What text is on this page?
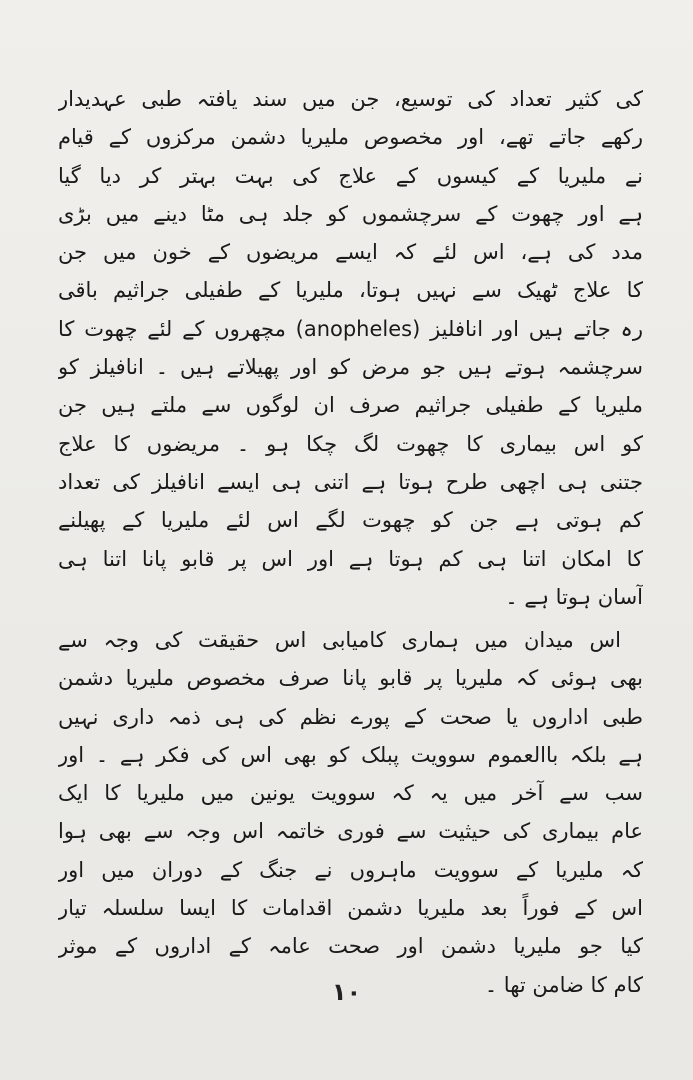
کی کثیر تعداد کی توسیع، جن میں سند یافتہ طبی عہدیدار
رکھے جاتے تھے، اور مخصوص ملیریا دشمن مرکزوں کے قیام
نے ملیریا کے کیسوں کے علاج کی بہت بہتر کر دیا گیا
ہے اور چھوت کے سرچشموں کو جلد ہی مٹا دینے میں بڑی
مدد کی ہے، اس لئے کہ ایسے مریضوں کے خون میں جن
کا علاج ٹھیک سے نہیں ہوتا، ملیریا کے طفیلی جراثیم باقی
رہ جاتے ہیں اور انافلیز (anopheles) مچھروں کے لئے چھوت کا
سرچشمہ ہوتے ہیں جو مرض کو اور پھیلاتے ہیں ۔ انافیلز کو
ملیریا کے طفیلی جراثیم صرف ان لوگوں سے ملتے ہیں جن
کو اس بیماری کا چھوت لگ چکا ہو ۔ مریضوں کا علاج
جتنی ہی اچھی طرح ہوتا ہے اتنی ہی ایسے انافیلز کی تعداد
کم ہوتی ہے جن کو چھوت لگے اس لئے ملیریا کے پھیلنے
کا امکان اتنا ہی کم ہوتا ہے اور اس پر قابو پانا اتنا ہی
آسان ہوتا ہے ۔
اس میدان میں ہماری کامیابی اس حقیقت کی وجہ سے
بھی ہوئی کہ ملیریا پر قابو پانا صرف مخصوص ملیریا دشمن
طبی اداروں یا صحت کے پورے نظم کی ہی ذمہ داری نہیں
ہے بلکہ باالعموم سوویت پبلک کو بھی اس کی فکر ہے ۔ اور
سب سے آخر میں یہ کہ سوویت یونین میں ملیریا کا ایک
عام بیماری کی حیثیت سے فوری خاتمہ اس وجہ سے بھی ہوا
کہ ملیریا کے سوویت ماہروں نے جنگ کے دوران میں اور
اس کے فوراً بعد ملیریا دشمن اقدامات کا ایسا سلسلہ تیار
کیا جو ملیریا دشمن اور صحت عامہ کے اداروں کے موثر
کام کا ضامن تھا ۔
١٠
